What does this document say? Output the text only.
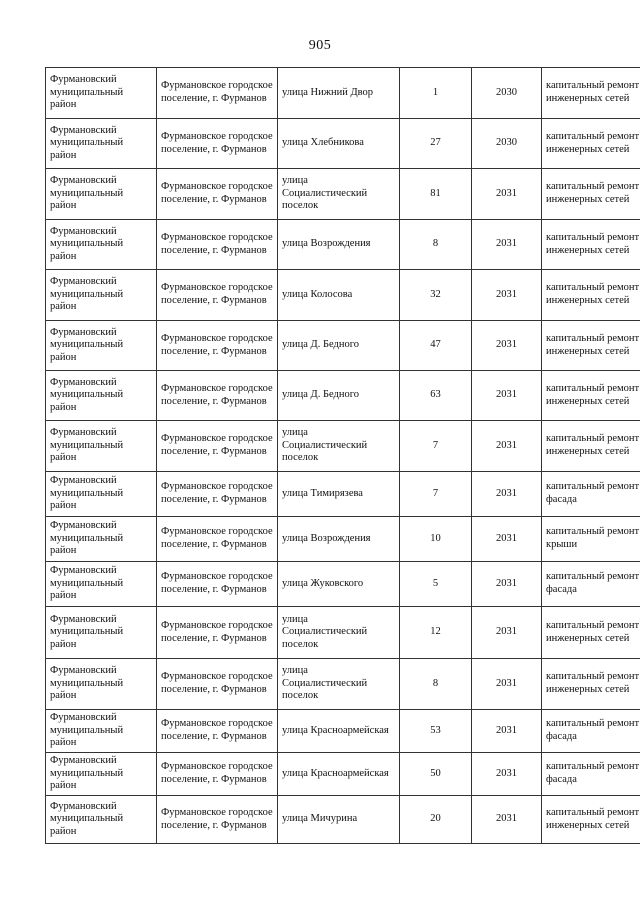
905
Фурмановский муниципальный район	Фурмановское городское поселение, г. Фурманов	улица Нижний Двор	1	2030	капитальный ремонт инженерных сетей
Фурмановский муниципальный район	Фурмановское городское поселение, г. Фурманов	улица Хлебникова	27	2030	капитальный ремонт инженерных сетей
Фурмановский муниципальный район	Фурмановское городское поселение, г. Фурманов	улица Социалистический поселок	81	2031	капитальный ремонт инженерных сетей
Фурмановский муниципальный район	Фурмановское городское поселение, г. Фурманов	улица Возрождения	8	2031	капитальный ремонт инженерных сетей
Фурмановский муниципальный район	Фурмановское городское поселение, г. Фурманов	улица Колосова	32	2031	капитальный ремонт инженерных сетей
Фурмановский муниципальный район	Фурмановское городское поселение, г. Фурманов	улица Д. Бедного	47	2031	капитальный ремонт инженерных сетей
Фурмановский муниципальный район	Фурмановское городское поселение, г. Фурманов	улица Д. Бедного	63	2031	капитальный ремонт инженерных сетей
Фурмановский муниципальный район	Фурмановское городское поселение, г. Фурманов	улица Социалистический поселок	7	2031	капитальный ремонт инженерных сетей
Фурмановский муниципальный район	Фурмановское городское поселение, г. Фурманов	улица Тимирязева	7	2031	капитальный ремонт фасада
Фурмановский муниципальный район	Фурмановское городское поселение, г. Фурманов	улица Возрождения	10	2031	капитальный ремонт крыши
Фурмановский муниципальный район	Фурмановское городское поселение, г. Фурманов	улица Жуковского	5	2031	капитальный ремонт фасада
Фурмановский муниципальный район	Фурмановское городское поселение, г. Фурманов	улица Социалистический поселок	12	2031	капитальный ремонт инженерных сетей
Фурмановский муниципальный район	Фурмановское городское поселение, г. Фурманов	улица Социалистический поселок	8	2031	капитальный ремонт инженерных сетей
Фурмановский муниципальный район	Фурмановское городское поселение, г. Фурманов	улица Красноармейская	53	2031	капитальный ремонт фасада
Фурмановский муниципальный район	Фурмановское городское поселение, г. Фурманов	улица Красноармейская	50	2031	капитальный ремонт фасада
Фурмановский муниципальный район	Фурмановское городское поселение, г. Фурманов	улица Мичурина	20	2031	капитальный ремонт инженерных сетей
